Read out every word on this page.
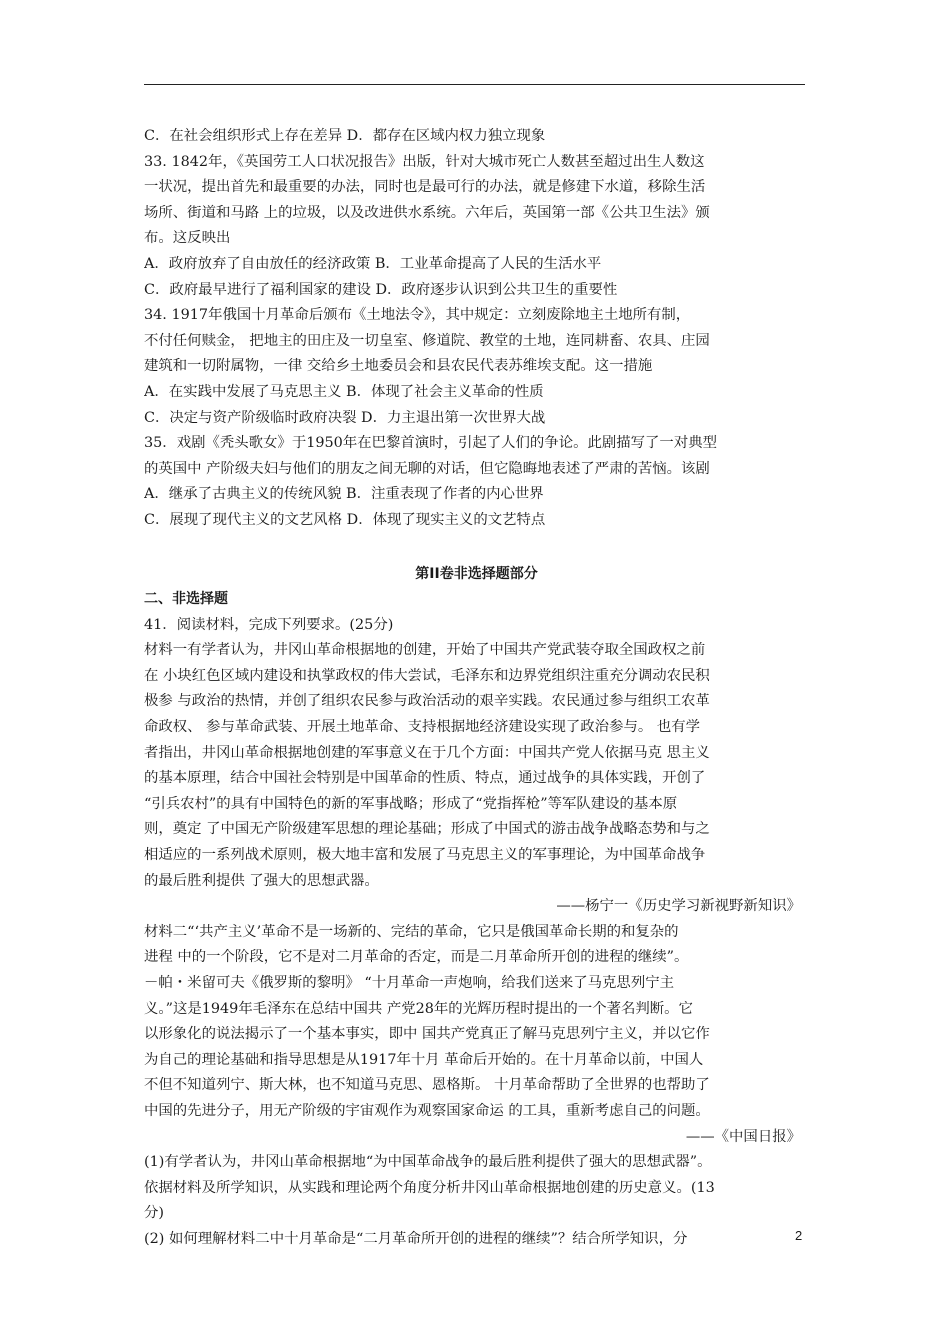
C．在社会组织形式上存在差异 D．都存在区域内权力独立现象
33. 1842年，《英国劳工人口状况报告》出版，针对大城市死亡人数甚至超过出生人数这
一状况，提出首先和最重要的办法，同时也是最可行的办法，就是修建下水道，移除生活
场所、街道和马路 上的垃圾，以及改进供水系统。六年后，英国第一部《公共卫生法》颁
布。这反映出
A．政府放弃了自由放任的经济政策 B．工业革命提高了人民的生活水平
C．政府最早进行了福利国家的建设 D．政府逐步认识到公共卫生的重要性
34. 1917年俄国十月革命后颁布《土地法令》，其中规定：立刻废除地主土地所有制，
不付任何赎金， 把地主的田庄及一切皇室、修道院、教堂的土地，连同耕畜、农具、庄园
建筑和一切附属物，一律 交给乡土地委员会和县农民代表苏维埃支配。这一措施
A．在实践中发展了马克思主义 B．体现了社会主义革命的性质
C．决定与资产阶级临时政府决裂 D．力主退出第一次世界大战
35．戏剧《秃头歌女》于1950年在巴黎首演时，引起了人们的争论。此剧描写了一对典型
的英国中 产阶级夫妇与他们的朋友之间无聊的对话，但它隐晦地表述了严肃的苦恼。该剧
A．继承了古典主义的传统风貌 B．注重表现了作者的内心世界
C．展现了现代主义的文艺风格 D．体现了现实主义的文艺特点
第II卷非选择题部分
二、非选择题
41．阅读材料，完成下列要求。(25分)
材料一有学者认为，井冈山革命根据地的创建，开始了中国共产党武装夺取全国政权之前
在 小块红色区域内建设和执掌政权的伟大尝试，毛泽东和边界党组织注重充分调动农民积
极参 与政治的热情，并创了组织农民参与政治活动的艰辛实践。农民通过参与组织工农革
命政权、 参与革命武装、开展土地革命、支持根据地经济建设实现了政治参与。 也有学
者指出，井冈山革命根据地创建的军事意义在于几个方面：中国共产党人依据马克 思主义
的基本原理，结合中国社会特别是中国革命的性质、特点，通过战争的具体实践，开创了
“引兵农村”的具有中国特色的新的军事战略；形成了“党指挥枪”等军队建设的基本原
则，奠定 了中国无产阶级建军思想的理论基础；形成了中国式的游击战争战略态势和与之
相适应的一系列战术原则，极大地丰富和发展了马克思主义的军事理论，为中国革命战争
的最后胜利提供 了强大的思想武器。
——杨宁一《历史学习新视野新知识》
材料二“‘共产主义’革命不是一场新的、完结的革命，它只是俄国革命长期的和复杂的
进程 中的一个阶段，它不是对二月革命的否定，而是二月革命所开创的进程的继续”。
－帕・米留可夫《俄罗斯的黎明》 “十月革命一声炮响，给我们送来了马克思列宁主
义。”这是1949年毛泽东在总结中国共 产党28年的光辉历程时提出的一个著名判断。它
以形象化的说法揭示了一个基本事实，即中 国共产党真正了解马克思列宁主义，并以它作
为自己的理论基础和指导思想是从1917年十月 革命后开始的。在十月革命以前，中国人
不但不知道列宁、斯大林，也不知道马克思、恩格斯。 十月革命帮助了全世界的也帮助了
中国的先进分子，用无产阶级的宇宙观作为观察国家命运 的工具，重新考虑自己的问题。
——《中国日报》
(1)有学者认为，井冈山革命根据地“为中国革命战争的最后胜利提供了强大的思想武器”。
依据材料及所学知识，从实践和理论两个角度分析井冈山革命根据地创建的历史意义。(13
分)
(2) 如何理解材料二中十月革命是“二月革命所开创的进程的继续”？结合所学知识，分	2
